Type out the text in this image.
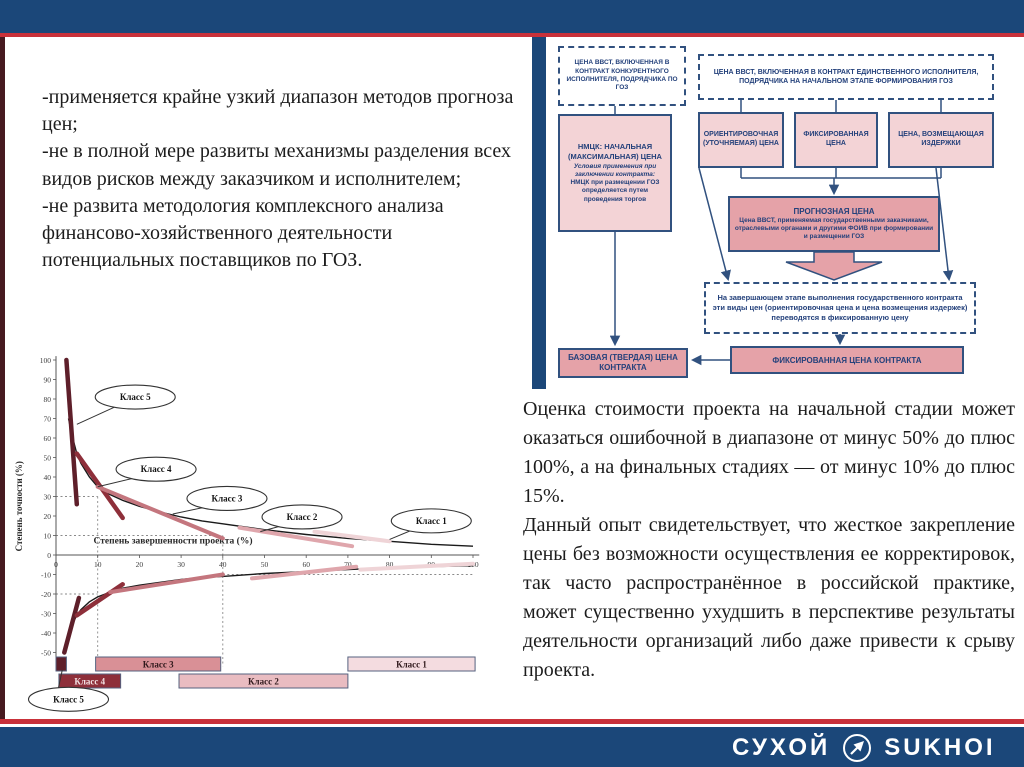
-применяется крайне узкий диапазон методов прогноза цен;

-не в полной мере развиты механизмы разделения всех видов рисков между заказчиком и исполнителем;

-не развита методология комплексного анализа финансово-хозяйственного деятельности потенциальных поставщиков по ГОЗ.

ЦЕНА ВВСТ, ВКЛЮЧЕННАЯ В КОНТРАКТ КОНКУРЕНТНОГО ИСПОЛНИТЕЛЯ, ПОДРЯДЧИКА ПО ГОЗ
ЦЕНА ВВСТ, ВКЛЮЧЕННАЯ В КОНТРАКТ ЕДИНСТВЕННОГО ИСПОЛНИТЕЛЯ, ПОДРЯДЧИКА НА НАЧАЛЬНОМ ЭТАПЕ ФОРМИРОВАНИЯ ГОЗ
НМЦК: НАЧАЛЬНАЯ (МАКСИМАЛЬНАЯ) ЦЕНА
Условия применения при заключении контракта:
НМЦК при размещении ГОЗ определяется путем проведения торгов
ОРИЕНТИРОВОЧНАЯ (УТОЧНЯЕМАЯ) ЦЕНА
ФИКСИРОВАННАЯ ЦЕНА
ЦЕНА, ВОЗМЕЩАЮЩАЯ ИЗДЕРЖКИ
ПРОГНОЗНАЯ ЦЕНА
Цена ВВСТ, применяемая государственными заказчиками, отраслевыми органами и другими ФОИВ при формировании и размещении ГОЗ
На завершающем этапе выполнения государственного контракта эти виды цен (ориентировочная цена и цена возмещения издержек) переводятся в фиксированную цену
БАЗОВАЯ (ТВЕРДАЯ) ЦЕНА КОНТРАКТА
ФИКСИРОВАННАЯ ЦЕНА КОНТРАКТА
0	10	20	30	40	50	60	70	80	90	100
100
90
80
70
60
50
40
30
20
10
0
-10
-20
-30
-40
-50
Степень завершенности проекта (%)
Степень точности (%)
Класс 4
Класс 3
Класс 2
Класс 1
Класс 5
Класс 4
Класс 3
Класс 2	Класс 1
Класс 5

Оценка стоимости проекта на начальной стадии может оказаться ошибочной в диапазоне от минус 50% до плюс 100%, а на финальных стадиях — от минус 10% до плюс 15%.

Данный опыт свидетельствует, что жесткое закрепление цены без возможности осуществления ее корректировок, так часто распространённое в российской практике, может существенно ухудшить в перспективе результаты деятельности организаций либо даже привести к срыву проекта.

СУХОЙ SUKHOI
